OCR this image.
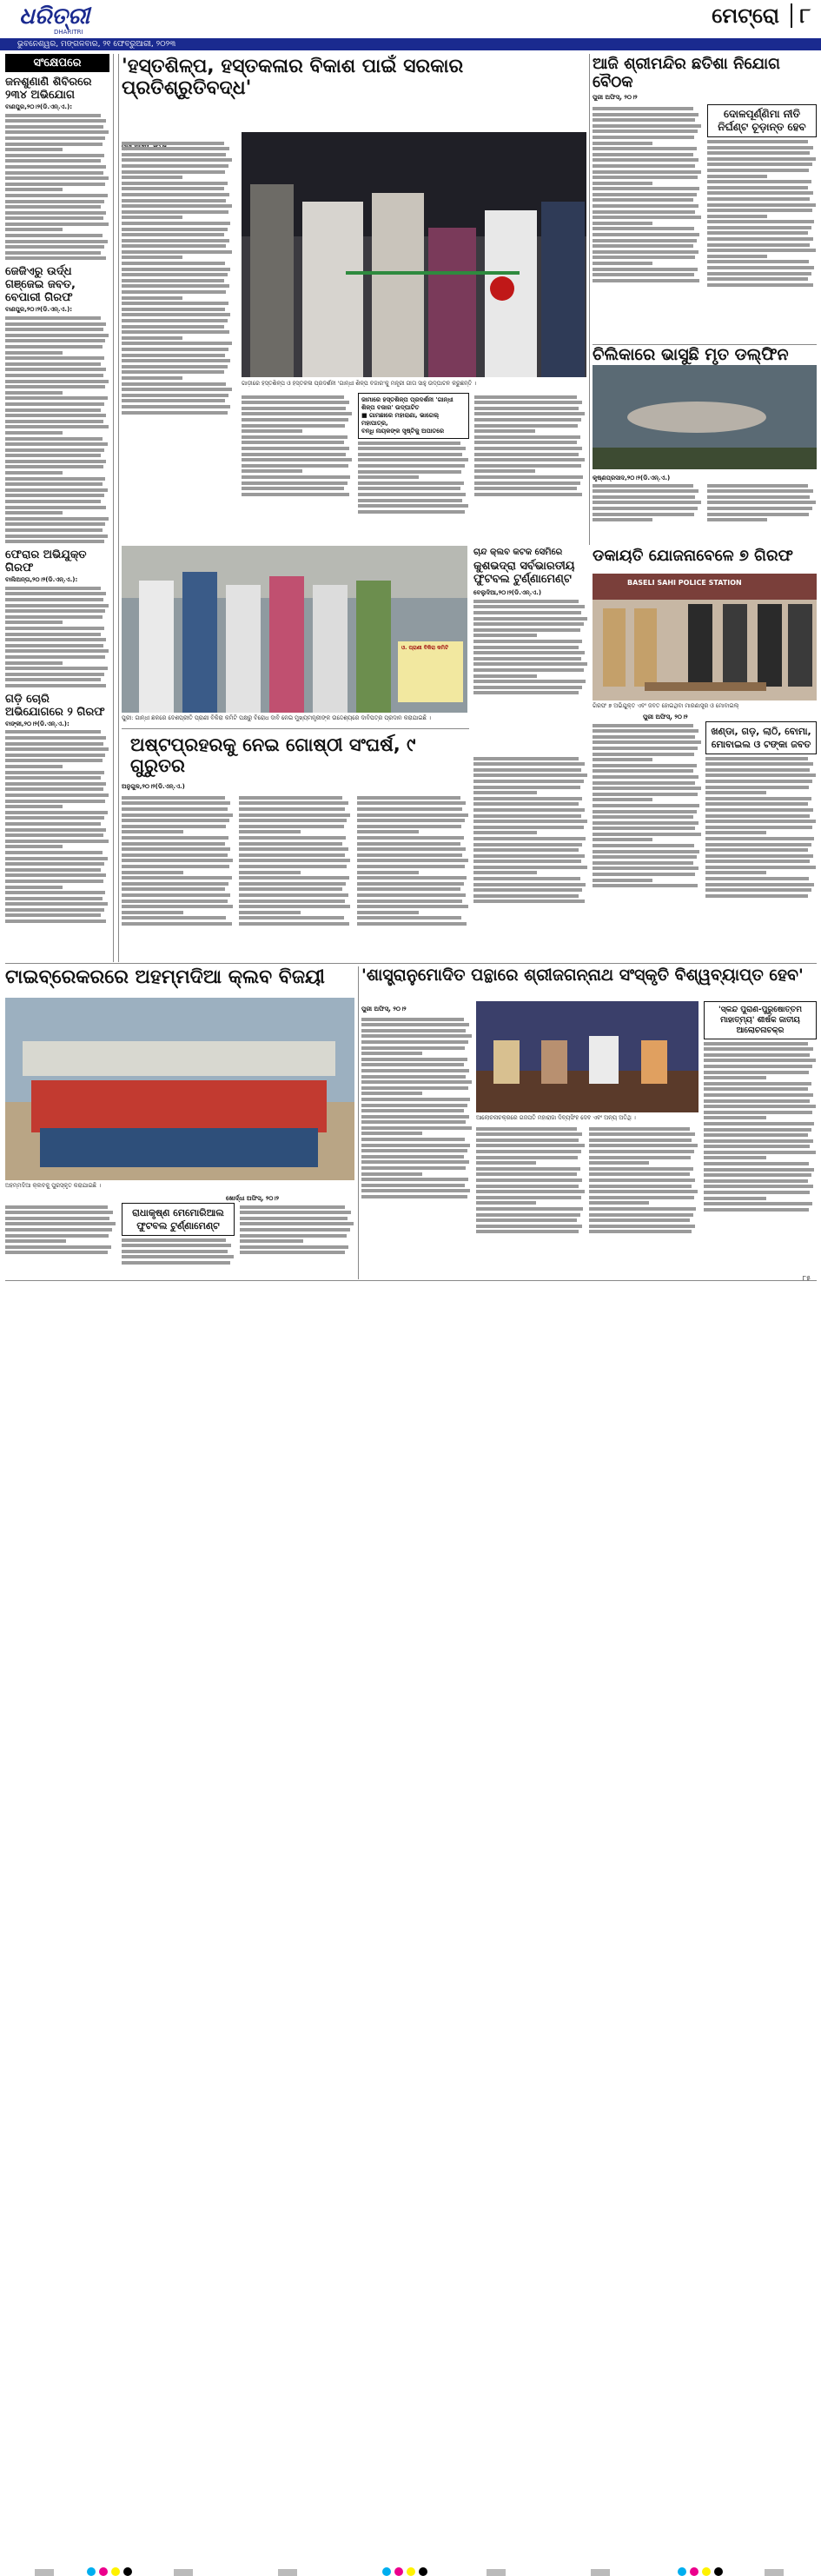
ଧରିତ୍ରୀ
DHARITRI
ମେଟ୍ରୋ ୮
ଭୁବନେଶ୍ୱର, ମଙ୍ଗଳବାର, ୨୧ ଫେବ୍ରୁଆରୀ, ୨୦୨୩
ସଂକ୍ଷେପରେ
ଜନଶୁଣାଣି ଶିବିରରେ ୨୩୪ ଅଭିଯୋଗ
ବାଣପୁର,୨୦।୨(ଡି.ଏନ୍‌.ଏ.):
ଜେଜିଏରୁ ଉର୍ଦ୍ଧ ଗଞ୍ଜେଇ ଜବତ, ବେପାରୀ ଗିରଫ
ବାଣପୁର,୨୦।୨(ଡି.ଏନ୍‌.ଏ.):
ଫେରାର ଅଭିଯୁକ୍ତ ଗିରଫ
ବାଲିଅନ୍ତା,୨୦।୨(ଡି.ଏନ୍‌.ଏ.):
ଗଡ଼ି ଚୋରି ଅଭିଯୋଗରେ ୨ ଗିରଫ
ବାଙ୍କୀ,୨୦।୨(ଡି.ଏନ୍‌.ଏ.):
'ହସ୍ତଶିଳ୍ପ, ହସ୍ତକଳାର ବିକାଶ ପାଇଁ ସରକାର ପ୍ରତିଶ୍ରୁତିବଦ୍ଧ'
ଗାଡ଼ୀରେ ହସ୍ତଶିଳ୍ପ ଓ ହସ୍ତକଳା ପ୍ରଦର୍ଶନୀ 'ଗାନ୍ଧୀ ଶିଳ୍ପ ବଜାର'କୁ ମନ୍ତ୍ରୀ ଗୀତା ସାହୁ ଉଦ୍‌ଘାଟନ କରୁଛନ୍ତି ।
ଜାମାରେ ହସ୍ତଶିଳ୍ପ ପ୍ରଦର୍ଶନୀ 'ଗାନ୍ଧୀ ଶିଳ୍ପ ବଜାର' ଉଦ୍‌ଘାଟିତ
■ ଗାମଛାରେ ମହାରାଣା, ଭାଗେଲ୍‌ ମହାପାତ୍ର,
ବନ୍ଧି ନାୟକଙ୍କ ସୃଷ୍ଟିକୁ ଅପାତରେ
ଓ. ପ୍ରାଣୀ ବିକିରା କମିଟି
ପୁରୀ: ଗାନ୍ଧୀ ଛକରେ ଦେଶପ୍ରୀତି ପ୍ରାଣୀ ବିକିରା କମିଟି ପକ୍ଷରୁ ବିରୋଧ ଦାବି ନେଇ ମୁଖ୍ୟମନ୍ତ୍ରୀଙ୍କ ଉଦ୍ଦେଶ୍ୟରେ ଦାବିପତ୍ର ପ୍ରଦାନ କରାଯାଇଛି ।
ଆଜି ଶ୍ରୀମନ୍ଦିର ଛତିଶା ନିଯୋଗ ବୈଠକ
ପୁରୀ ଅଫିସ୍‌, ୨୦।୨
ଦୋଳପୂର୍ଣ୍ଣିମା ନୀତି ନିର୍ଘଣ୍ଟ ଚୂଡ଼ାନ୍ତ ହେବ
ଚିଲିକାରେ ଭାସୁଛି ମୃତ ଡଲ୍‌ଫିନ
କୃଷ୍ଣପ୍ରସାଦ,୨୦।୨(ଡି.ଏନ୍‌.ଏ.)
ଚାନ୍ଦ କ୍ଲବ କଟକ ସେମିରେ
କୁଶଭଦ୍ରା ସର୍ବଭାରତୀୟ ଫୁଟବଲ ଟୁର୍ଣ୍ଣାମେଣ୍ଟ
ବେଲୁଦିଆ,୨୦।୨(ଡି.ଏନ୍‌.ଏ.)
ଡକାୟତି ଯୋଜନାବେଳେ ୭ ଗିରଫ
BASELI SAHI POLICE STATION
ଗିରଫ ୭ ଅଭିଯୁକ୍ତ ଏବଂ ଜବତ ହୋଇଥିବା ମାରଣାସ୍ତ୍ର ଓ ମୋବାଇଲ୍‌
ପୁରୀ ଅଫିସ୍‌, ୨୦।୨
ଖଣ୍ଡା, ଗଡ଼, ଲାଠି, ବୋମା, ମୋବାଇଲ ଓ ଟଙ୍କା ଜବତ
ଅଷ୍ଟପ୍ରହରକୁ ନେଇ ଗୋଷ୍ଠୀ ସଂଘର୍ଷ, ୯ ଗୁରୁତର
ଅନୁଗୁଳ,୨୦।୨(ଡି.ଏନ୍‌.ଏ.)
ଟାଇବ୍ରେକରରେ ଅହମ୍ମଦିଆ କ୍ଲବ ବିଜୟୀ
ଅହମ୍ମଦିଆ କ୍ଲବକୁ ପୁରସ୍କୃତ କରାଯାଇଛି ।
ଖୋର୍ଦ୍ଧା ଅଫିସ୍‌, ୨୦।୨
ରାଧାକୃଷ୍ଣ ମେମୋରିଆଲ ଫୁଟବଲ ଟୁର୍ଣ୍ଣାମେଣ୍ଟ
'ଶାସ୍ତ୍ରାନୁମୋଦିତ ପନ୍ଥାରେ ଶ୍ରୀଜଗନ୍ନାଥ ସଂସ୍କୃତି ବିଶ୍ୱବ୍ୟାପ୍ତ ହେବ'
ପୁରୀ ଅଫିସ୍‌, ୨୦।୨
ଆଲୋଚନାଚକ୍ରରେ ଗଜପତି ମହାରାଜା ଦିବ୍ୟସିଂହ ଦେବ ଏବଂ ଅନ୍ୟ ଅତିଥି ।
'ସ୍କନ୍ଦ ପୁରାଣ-ପୁରୁଷୋତ୍ତମ ମାହାତ୍ମ୍ୟ' ଶୀର୍ଷକ ଜାତୀୟ ଆଲୋଚନାଚକ୍ର
୮୫
